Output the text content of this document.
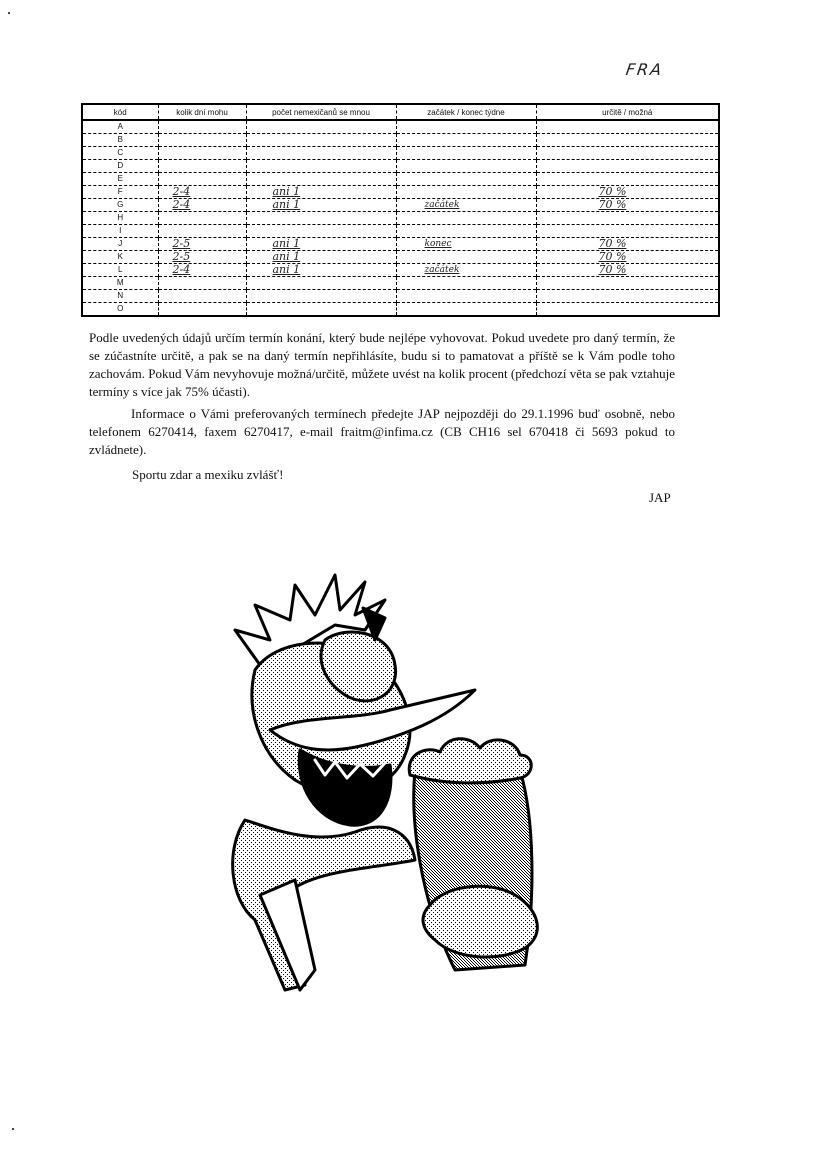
FRA
kód	kolik dní mohu	počet nemexičanů se mnou	začátek / konec týdne	určitě / možná
A				
B				
C				
D				
E				
F	2-4	ani 1		70 %
G	2-4	ani 1	začátek	70 %
H				
I				
J	2-5	ani 1	konec	70 %
K	2-5	ani 1		70 %
L	2-4	ani 1	začátek	70 %
M				
N				
O				

Podle uvedených údajů určím termín konání, který bude nejlépe vyhovovat. Pokud uvedete pro daný termín, že se zúčastníte určitě, a pak se na daný termín nepřihlásíte, budu si to pamatovat a příště se k Vám podle toho zachovám. Pokud Vám nevyhovuje možná/určitě, můžete uvést na kolik procent (předchozí věta se pak vztahuje termíny s více jak 75% účasti).

Informace o Vámi preferovaných termínech předejte JAP nejpozději do 29.1.1996 buď osobně, nebo telefonem 6270414, faxem 6270417, e-mail fraitm@infima.cz (CB CH16 sel 670418 či 5693 pokud to zvládnete).

Sportu zdar a mexiku zvlášť!

JAP
